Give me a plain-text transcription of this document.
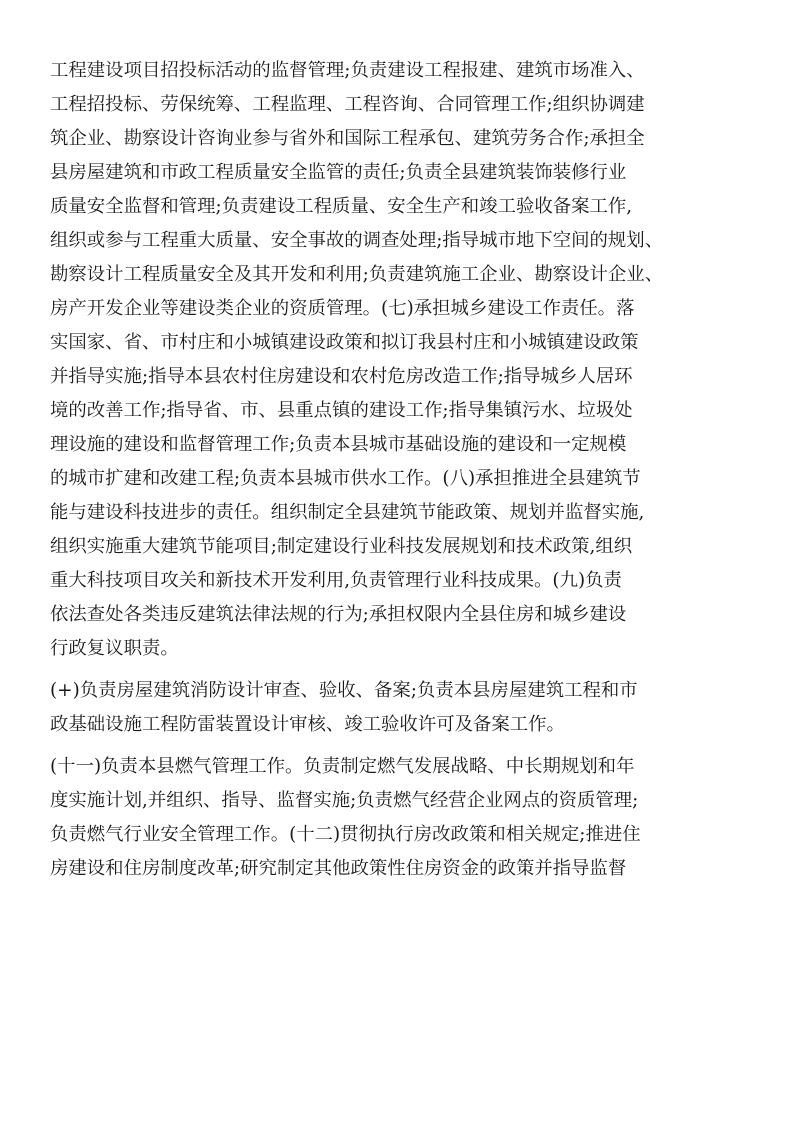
工程建设项目招投标活动的监督管理;负责建设工程报建、建筑市场准入、
工程招投标、劳保统筹、工程监理、工程咨询、合同管理工作;组织协调建
筑企业、勘察设计咨询业参与省外和国际工程承包、建筑劳务合作;承担全
县房屋建筑和市政工程质量安全监管的责任;负责全县建筑装饰装修行业
质量安全监督和管理;负责建设工程质量、安全生产和竣工验收备案工作,
组织或参与工程重大质量、安全事故的调查处理;指导城市地下空间的规划、
勘察设计工程质量安全及其开发和利用;负责建筑施工企业、勘察设计企业、
房产开发企业等建设类企业的资质管理。(七)承担城乡建设工作责任。落
实国家、省、市村庄和小城镇建设政策和拟订我县村庄和小城镇建设政策
并指导实施;指导本县农村住房建设和农村危房改造工作;指导城乡人居环
境的改善工作;指导省、市、县重点镇的建设工作;指导集镇污水、垃圾处
理设施的建设和监督管理工作;负责本县城市基础设施的建设和一定规模
的城市扩建和改建工程;负责本县城市供水工作。(八)承担推进全县建筑节
能与建设科技进步的责任。组织制定全县建筑节能政策、规划并监督实施,
组织实施重大建筑节能项目;制定建设行业科技发展规划和技术政策,组织
重大科技项目攻关和新技术开发利用,负责管理行业科技成果。(九)负责
依法查处各类违反建筑法律法规的行为;承担权限内全县住房和城乡建设
行政复议职责。
(+)负责房屋建筑消防设计审查、验收、备案;负责本县房屋建筑工程和市
政基础设施工程防雷装置设计审核、竣工验收许可及备案工作。
(十一)负责本县燃气管理工作。负责制定燃气发展战略、中长期规划和年
度实施计划,并组织、指导、监督实施;负责燃气经营企业网点的资质管理;
负责燃气行业安全管理工作。(十二)贯彻执行房改政策和相关规定;推进住
房建设和住房制度改革;研究制定其他政策性住房资金的政策并指导监督
